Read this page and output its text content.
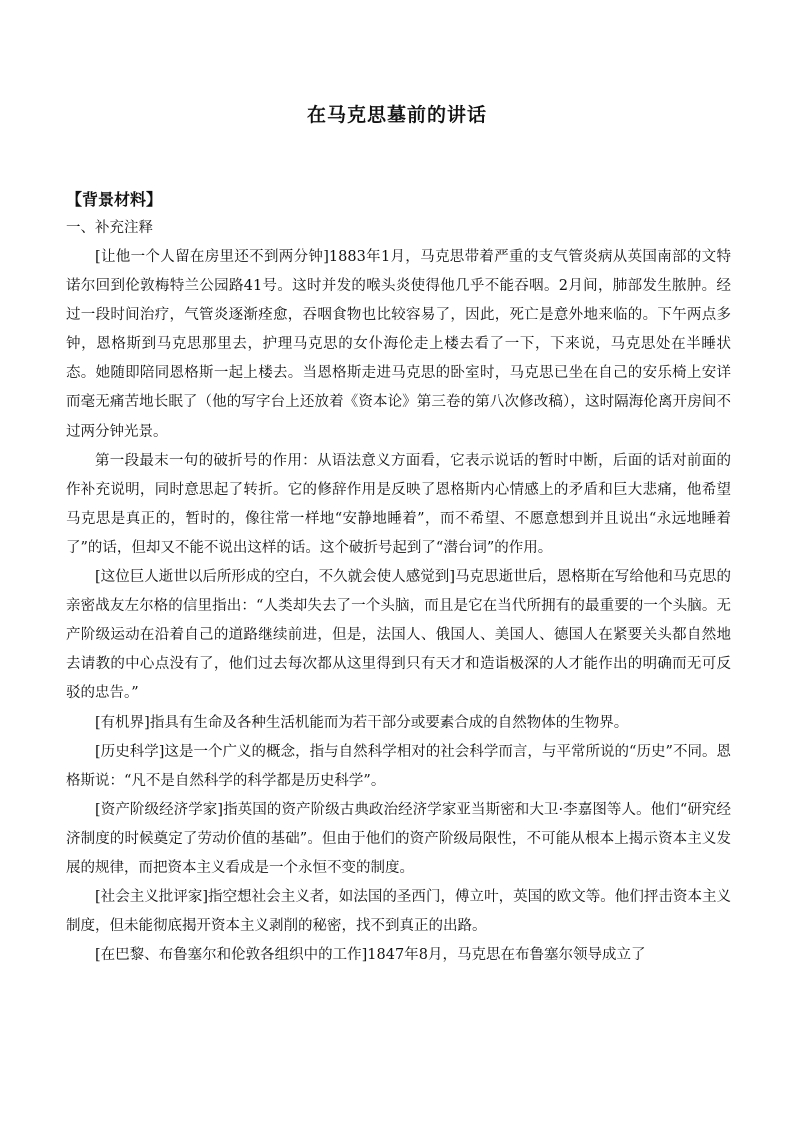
在马克思墓前的讲话
【背景材料】
一、补充注释

[让他一个人留在房里还不到两分钟]1883年1月，马克思带着严重的支气管炎病从英国南部的文特诺尔回到伦敦梅特兰公园路41号。这时并发的喉头炎使得他几乎不能吞咽。2月间，肺部发生脓肿。经过一段时间治疗，气管炎逐渐痊愈，吞咽食物也比较容易了，因此，死亡是意外地来临的。下午两点多钟，恩格斯到马克思那里去，护理马克思的女仆海伦走上楼去看了一下，下来说，马克思处在半睡状态。她随即陪同恩格斯一起上楼去。当恩格斯走进马克思的卧室时，马克思已坐在自己的安乐椅上安详而毫无痛苦地长眠了（他的写字台上还放着《资本论》第三卷的第八次修改稿），这时隔海伦离开房间不过两分钟光景。

第一段最末一句的破折号的作用：从语法意义方面看，它表示说话的暂时中断，后面的话对前面的作补充说明，同时意思起了转折。它的修辞作用是反映了恩格斯内心情感上的矛盾和巨大悲痛，他希望马克思是真正的，暂时的，像往常一样地“安静地睡着”，而不希望、不愿意想到并且说出“永远地睡着了”的话，但却又不能不说出这样的话。这个破折号起到了“潜台词”的作用。

[这位巨人逝世以后所形成的空白，不久就会使人感觉到]马克思逝世后，恩格斯在写给他和马克思的亲密战友左尔格的信里指出：“人类却失去了一个头脑，而且是它在当代所拥有的最重要的一个头脑。无产阶级运动在沿着自己的道路继续前进，但是，法国人、俄国人、美国人、德国人在紧要关头都自然地去请教的中心点没有了，他们过去每次都从这里得到只有天才和造诣极深的人才能作出的明确而无可反驳的忠告。”

[有机界]指具有生命及各种生活机能而为若干部分或要素合成的自然物体的生物界。

[历史科学]这是一个广义的概念，指与自然科学相对的社会科学而言，与平常所说的“历史”不同。恩格斯说：“凡不是自然科学的科学都是历史科学”。

[资产阶级经济学家]指英国的资产阶级古典政治经济学家亚当斯密和大卫·李嘉图等人。他们“研究经济制度的时候奠定了劳动价值的基础”。但由于他们的资产阶级局限性，不可能从根本上揭示资本主义发展的规律，而把资本主义看成是一个永恒不变的制度。

[社会主义批评家]指空想社会主义者，如法国的圣西门，傅立叶，英国的欧文等。他们抨击资本主义制度，但未能彻底揭开资本主义剥削的秘密，找不到真正的出路。

[在巴黎、布鲁塞尔和伦敦各组织中的工作]1847年8月，马克思在布鲁塞尔领导成立了
